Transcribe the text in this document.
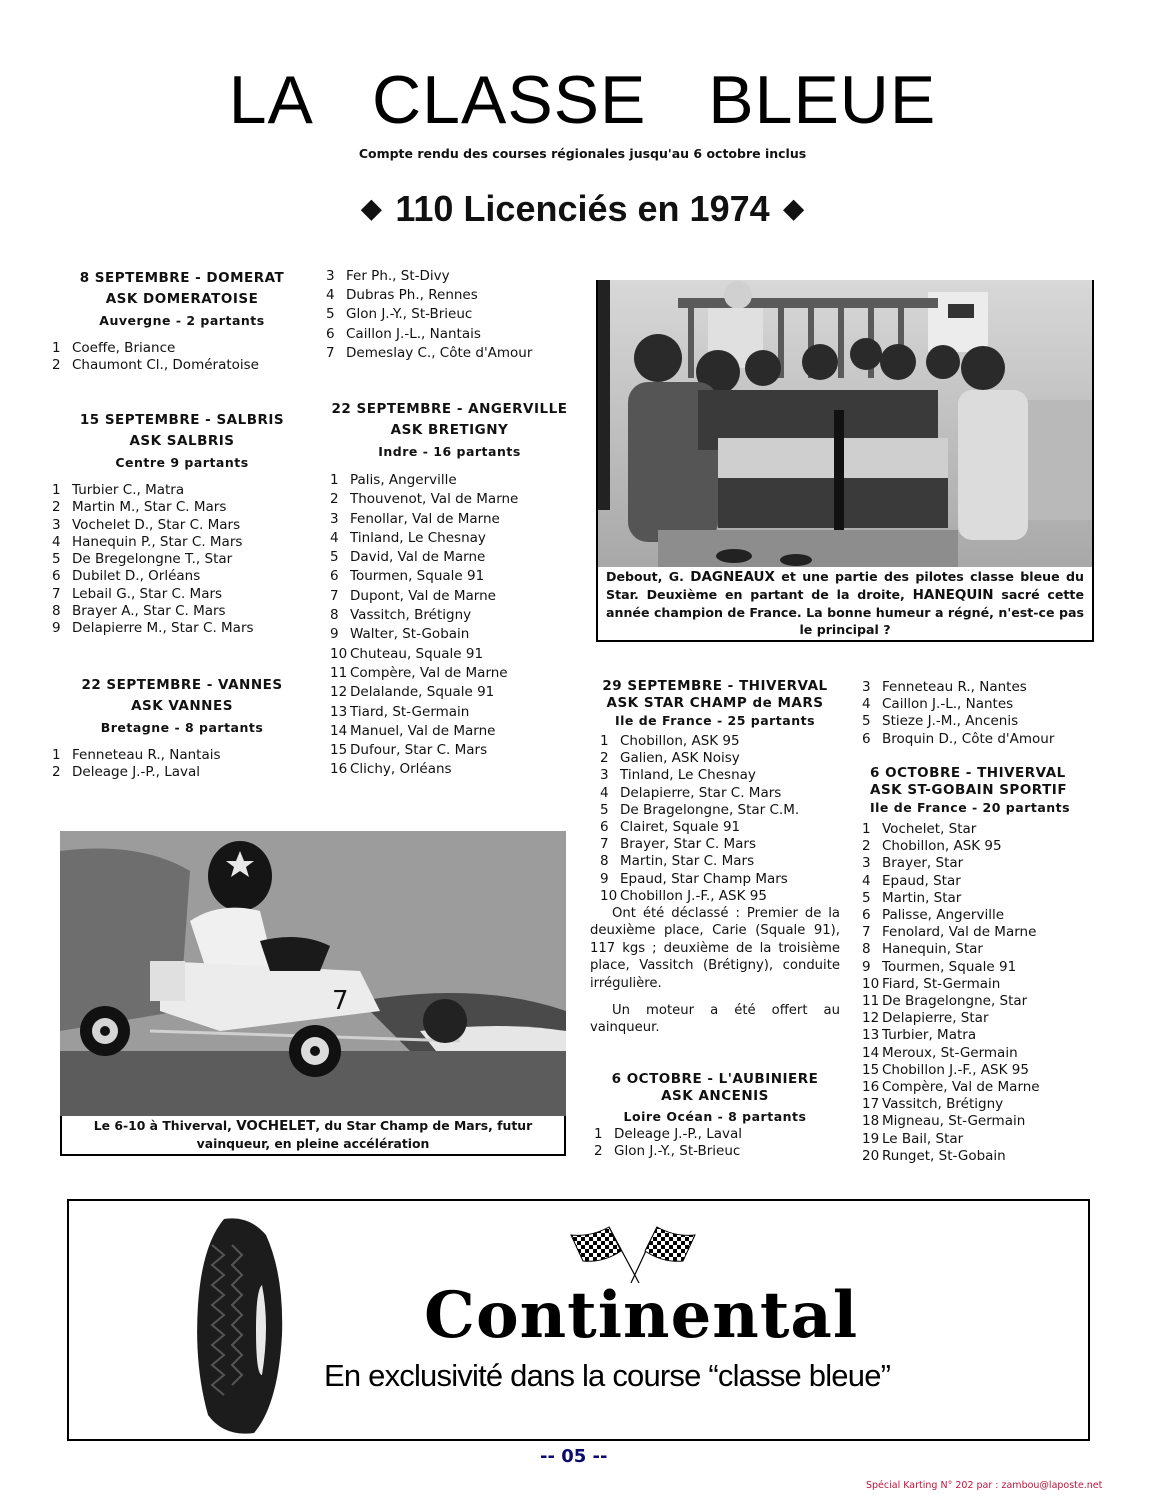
LA CLASSE BLEUE
Compte rendu des courses régionales jusqu'au 6 octobre inclus
◆ 110 Licenciés en 1974 ◆
8 SEPTEMBRE - DOMERAT
ASK DOMERATOISE
Auvergne - 2 partants
1 Coeffe, Briance
2 Chaumont Cl., Domératoise
15 SEPTEMBRE - SALBRIS
ASK SALBRIS
Centre 9 partants
1 Turbier C., Matra
2 Martin M., Star C. Mars
3 Vochelet D., Star C. Mars
4 Hanequin P., Star C. Mars
5 De Bregelongne T., Star
6 Dubilet D., Orléans
7 Lebail G., Star C. Mars
8 Brayer A., Star C. Mars
9 Delapierre M., Star C. Mars
22 SEPTEMBRE - VANNES
ASK VANNES
Bretagne - 8 partants
1 Fenneteau R., Nantais
2 Deleage J.-P., Laval
3 Fer Ph., St-Divy
4 Dubras Ph., Rennes
5 Glon J.-Y., St-Brieuc
6 Caillon J.-L., Nantais
7 Demeslay C., Côte d'Amour
22 SEPTEMBRE - ANGERVILLE
ASK BRETIGNY
Indre - 16 partants
1 Palis, Angerville
2 Thouvenot, Val de Marne
3 Fenollar, Val de Marne
4 Tinland, Le Chesnay
5 David, Val de Marne
6 Tourmen, Squale 91
7 Dupont, Val de Marne
8 Vassitch, Brétigny
9 Walter, St-Gobain
10 Chuteau, Squale 91
11 Compère, Val de Marne
12 Delalande, Squale 91
13 Tiard, St-Germain
14 Manuel, Val de Marne
15 Dufour, Star C. Mars
16 Clichy, Orléans
Debout, G. DAGNEAUX et une partie des pilotes classe bleue du Star. Deuxième en partant de la droite, HANEQUIN sacré cette année champion de France. La bonne humeur a régné, n'est-ce pas le principal ?
29 SEPTEMBRE - THIVERVAL
ASK STAR CHAMP de MARS
Ile de France - 25 partants
1 Chobillon, ASK 95
2 Galien, ASK Noisy
3 Tinland, Le Chesnay
4 Delapierre, Star C. Mars
5 De Bragelongne, Star C.M.
6 Clairet, Squale 91
7 Brayer, Star C. Mars
8 Martin, Star C. Mars
9 Epaud, Star Champ Mars
10 Chobillon J.-F., ASK 95
Ont été déclassé : Premier de la deuxième place, Carie (Squale 91), 117 kgs ; deuxième de la troisième place, Vassitch (Brétigny), conduite irrégulière.
Un moteur a été offert au vainqueur.
6 OCTOBRE - L'AUBINIERE
ASK ANCENIS
Loire Océan - 8 partants
1 Deleage J.-P., Laval
2 Glon J.-Y., St-Brieuc
3 Fenneteau R., Nantes
4 Caillon J.-L., Nantes
5 Stieze J.-M., Ancenis
6 Broquin D., Côte d'Amour
6 OCTOBRE - THIVERVAL
ASK ST-GOBAIN SPORTIF
Ile de France - 20 partants
1 Vochelet, Star
2 Chobillon, ASK 95
3 Brayer, Star
4 Epaud, Star
5 Martin, Star
6 Palisse, Angerville
7 Fenolard, Val de Marne
8 Hanequin, Star
9 Tourmen, Squale 91
10 Fiard, St-Germain
11 De Bragelongne, Star
12 Delapierre, Star
13 Turbier, Matra
14 Meroux, St-Germain
15 Chobillon J.-F., ASK 95
16 Compère, Val de Marne
17 Vassitch, Brétigny
18 Migneau, St-Germain
19 Le Bail, Star
20 Runget, St-Gobain
7
Le 6-10 à Thiverval, VOCHELET, du Star Champ de Mars, futur vainqueur, en pleine accélération
Continental
En exclusivité dans la course “classe bleue”
-- 05 --
Spécial Karting N° 202 par : zambou@laposte.net
